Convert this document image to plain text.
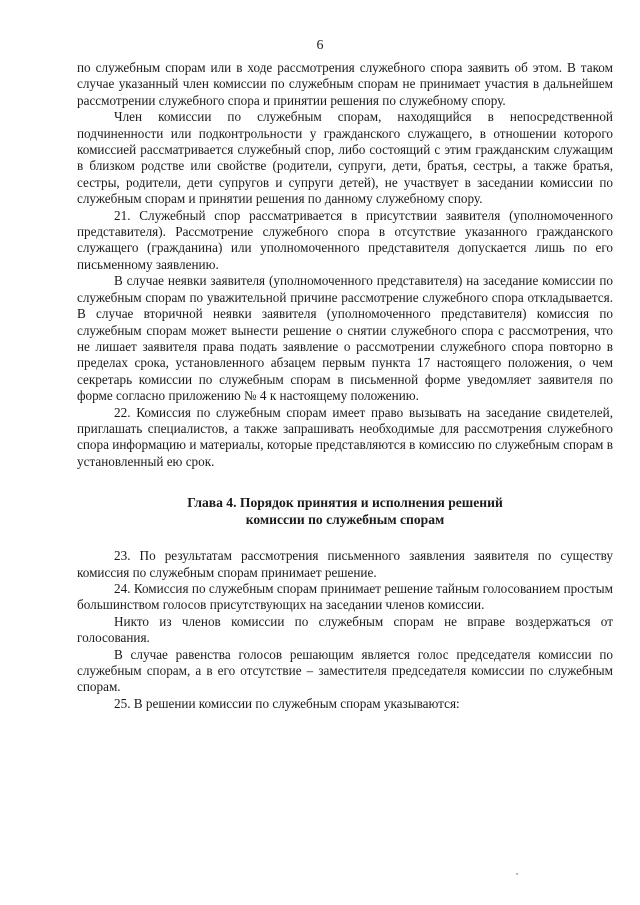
6

по служебным спорам или в ходе рассмотрения служебного спора заявить об этом. В таком случае указанный член комиссии по служебным спорам не принимает участия в дальнейшем рассмотрении служебного спора и принятии решения по служебному спору.

Член комиссии по служебным спорам, находящийся в непосредственной подчиненности или подконтрольности у гражданского служащего, в отношении которого комиссией рассматривается служебный спор, либо состоящий с этим гражданским служащим в близком родстве или свойстве (родители, супруги, дети, братья, сестры, а также братья, сестры, родители, дети супругов и супруги детей), не участвует в заседании комиссии по служебным спорам и принятии решения по данному служебному спору.

21. Служебный спор рассматривается в присутствии заявителя (уполномоченного представителя). Рассмотрение служебного спора в отсутствие указанного гражданского служащего (гражданина) или уполномоченного представителя допускается лишь по его письменному заявлению.

В случае неявки заявителя (уполномоченного представителя) на заседание комиссии по служебным спорам по уважительной причине рассмотрение служебного спора откладывается. В случае вторичной неявки заявителя (уполномоченного представителя) комиссия по служебным спорам может вынести решение о снятии служебного спора с рассмотрения, что не лишает заявителя права подать заявление о рассмотрении служебного спора повторно в пределах срока, установленного абзацем первым пункта 17 настоящего положения, о чем секретарь комиссии по служебным спорам в письменной форме уведомляет заявителя по форме согласно приложению № 4 к настоящему положению.

22. Комиссия по служебным спорам имеет право вызывать на заседание свидетелей, приглашать специалистов, а также запрашивать необходимые для рассмотрения служебного спора информацию и материалы, которые представляются в комиссию по служебным спорам в установленный ею срок.

Глава 4. Порядок принятия и исполнения решений
комиссии по служебным спорам

23. По результатам рассмотрения письменного заявления заявителя по существу комиссия по служебным спорам принимает решение.

24. Комиссия по служебным спорам принимает решение тайным голосованием простым большинством голосов присутствующих на заседании членов комиссии.

Никто из членов комиссии по служебным спорам не вправе воздержаться от голосования.

В случае равенства голосов решающим является голос председателя комиссии по служебным спорам, а в его отсутствие – заместителя председателя комиссии по служебным спорам.

25. В решении комиссии по служебным спорам указываются:
